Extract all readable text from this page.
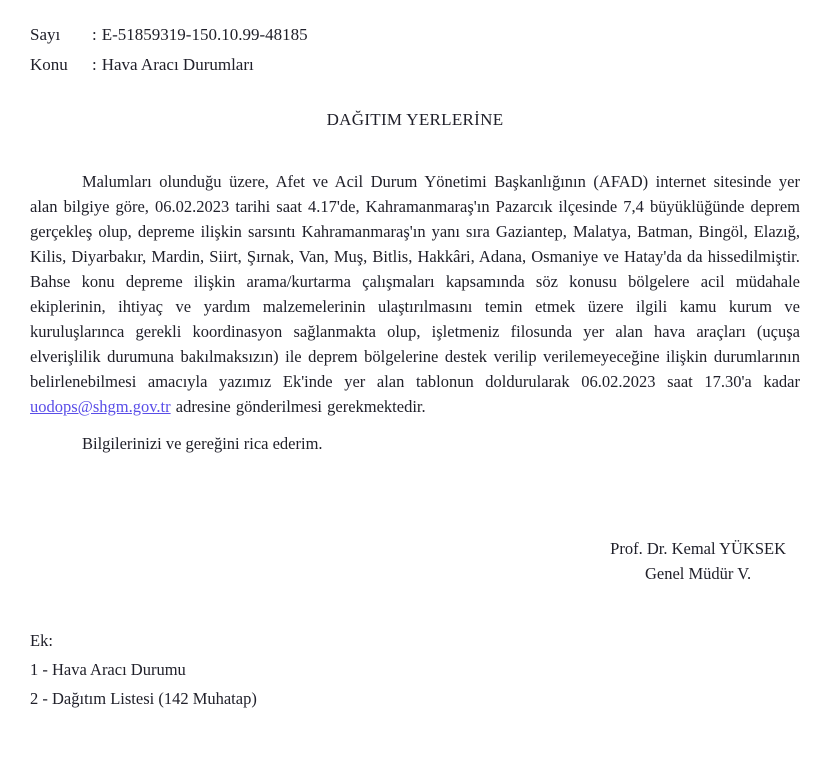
Sayı	: E-51859319-150.10.99-48185
Konu	: Hava Aracı Durumları
DAĞITIM YERLERİNE

Malumları olunduğu üzere, Afet ve Acil Durum Yönetimi Başkanlığının (AFAD) internet sitesinde yer alan bilgiye göre, 06.02.2023 tarihi saat 4.17'de, Kahramanmaraş'ın Pazarcık ilçesinde 7,4 büyüklüğünde deprem gerçekleş olup, depreme ilişkin sarsıntı Kahramanmaraş'ın yanı sıra Gaziantep, Malatya, Batman, Bingöl, Elazığ, Kilis, Diyarbakır, Mardin, Siirt, Şırnak, Van, Muş, Bitlis, Hakkâri, Adana, Osmaniye ve Hatay'da da hissedilmiştir.

Bahse konu depreme ilişkin arama/kurtarma çalışmaları kapsamında söz konusu bölgelere acil müdahale ekiplerinin, ihtiyaç ve yardım malzemelerinin ulaştırılmasını temin etmek üzere ilgili kamu kurum ve kuruluşlarınca gerekli koordinasyon sağlanmakta olup, işletmeniz filosunda yer alan hava araçları (uçuşa elverişlilik durumuna bakılmaksızın) ile deprem bölgelerine destek verilip verilemeyeceğine ilişkin durumlarının belirlenebilmesi amacıyla yazımız Ek'inde yer alan tablonun doldurularak 06.02.2023 saat 17.30'a kadar uodops@shgm.gov.tr adresine gönderilmesi gerekmektedir.

Bilgilerinizi ve gereğini rica ederim.

Prof. Dr. Kemal YÜKSEK
Genel Müdür V.
Ek:
1 - Hava Aracı Durumu
2 - Dağıtım Listesi (142 Muhatap)
